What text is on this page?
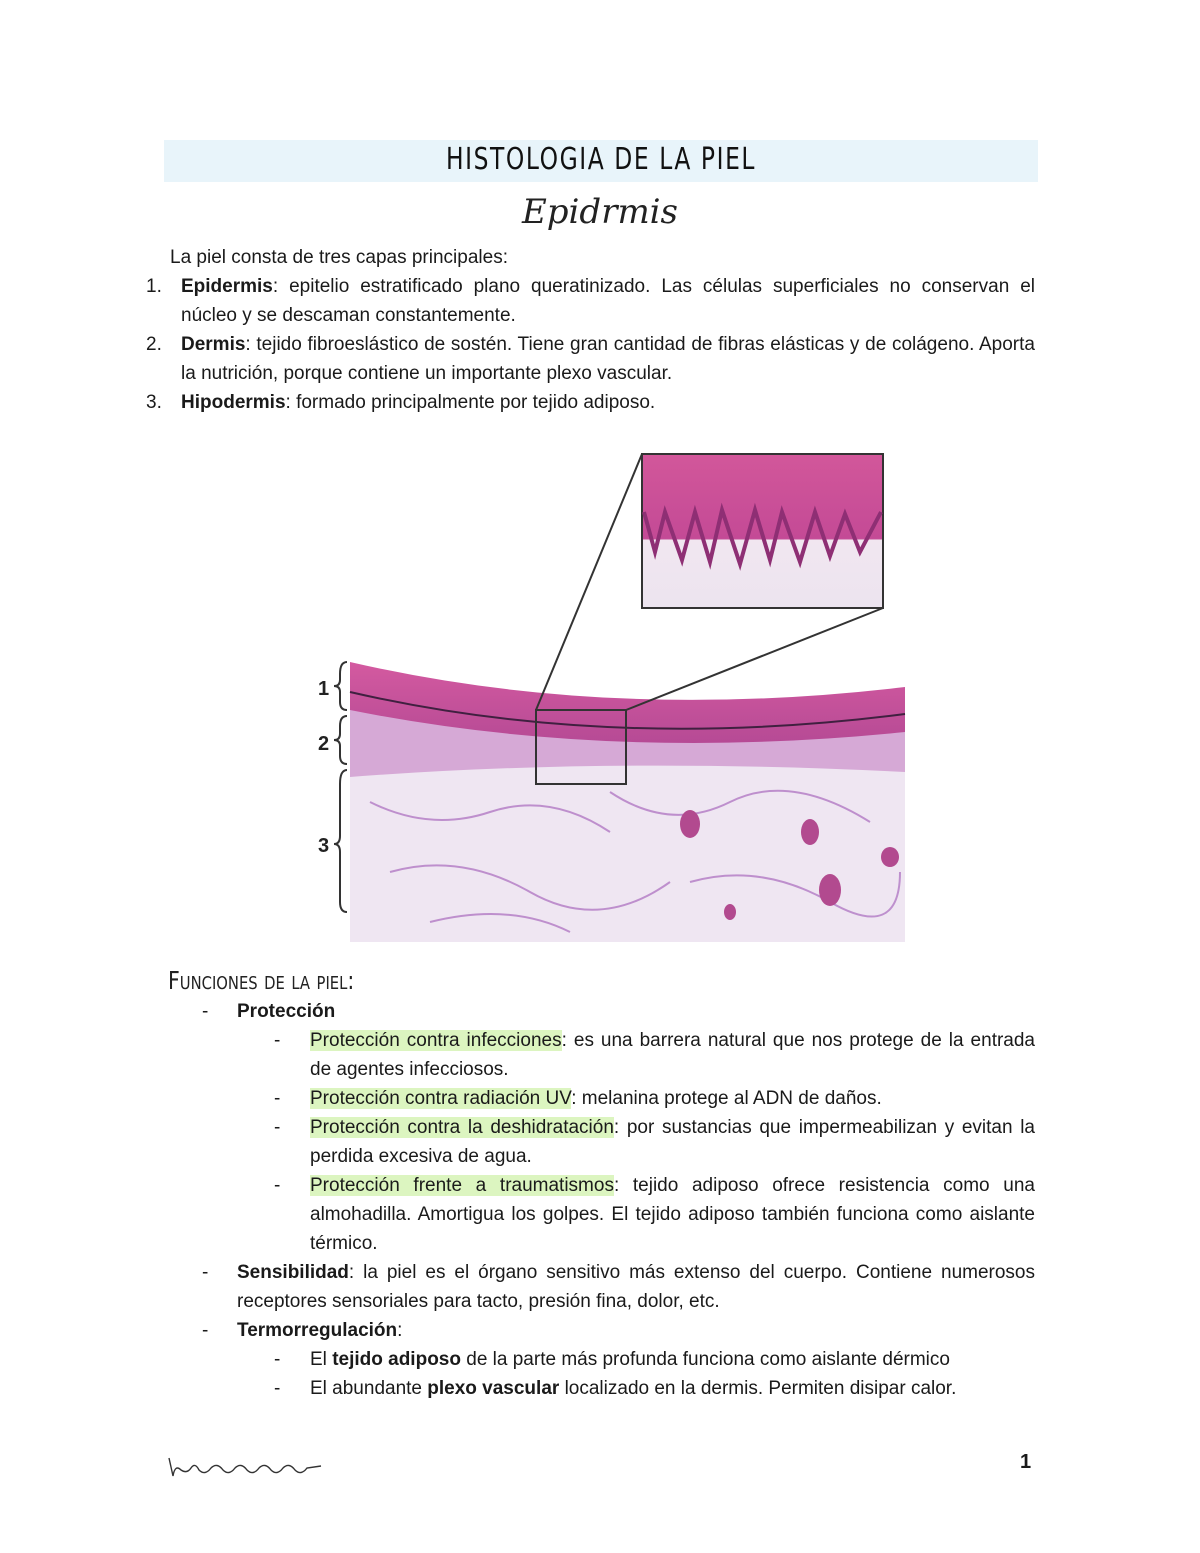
HISTOLOGIA DE LA PIEL
Epidrmis
La piel consta de tres capas principales:
1. Epidermis: epitelio estratificado plano queratinizado. Las células superficiales no conservan el núcleo y se descaman constantemente.
2. Dermis: tejido fibroeslástico de sostén. Tiene gran cantidad de fibras elásticas y de colágeno. Aporta la nutrición, porque contiene un importante plexo vascular.
3. Hipodermis: formado principalmente por tejido adiposo.
1
2
3
Funciones de la piel:
- Protección
- Protección contra infecciones: es una barrera natural que nos protege de la entrada de agentes infecciosos.
- Protección contra radiación UV: melanina protege al ADN de daños.
- Protección contra la deshidratación: por sustancias que impermeabilizan y evitan la perdida excesiva de agua.
- Protección frente a traumatismos: tejido adiposo ofrece resistencia como una almohadilla. Amortigua los golpes. El tejido adiposo también funciona como aislante térmico.
- Sensibilidad: la piel es el órgano sensitivo más extenso del cuerpo. Contiene numerosos receptores sensoriales para tacto, presión fina, dolor, etc.
- Termorregulación:
- El tejido adiposo de la parte más profunda funciona como aislante dérmico
- El abundante plexo vascular localizado en la dermis. Permiten disipar calor.
1
